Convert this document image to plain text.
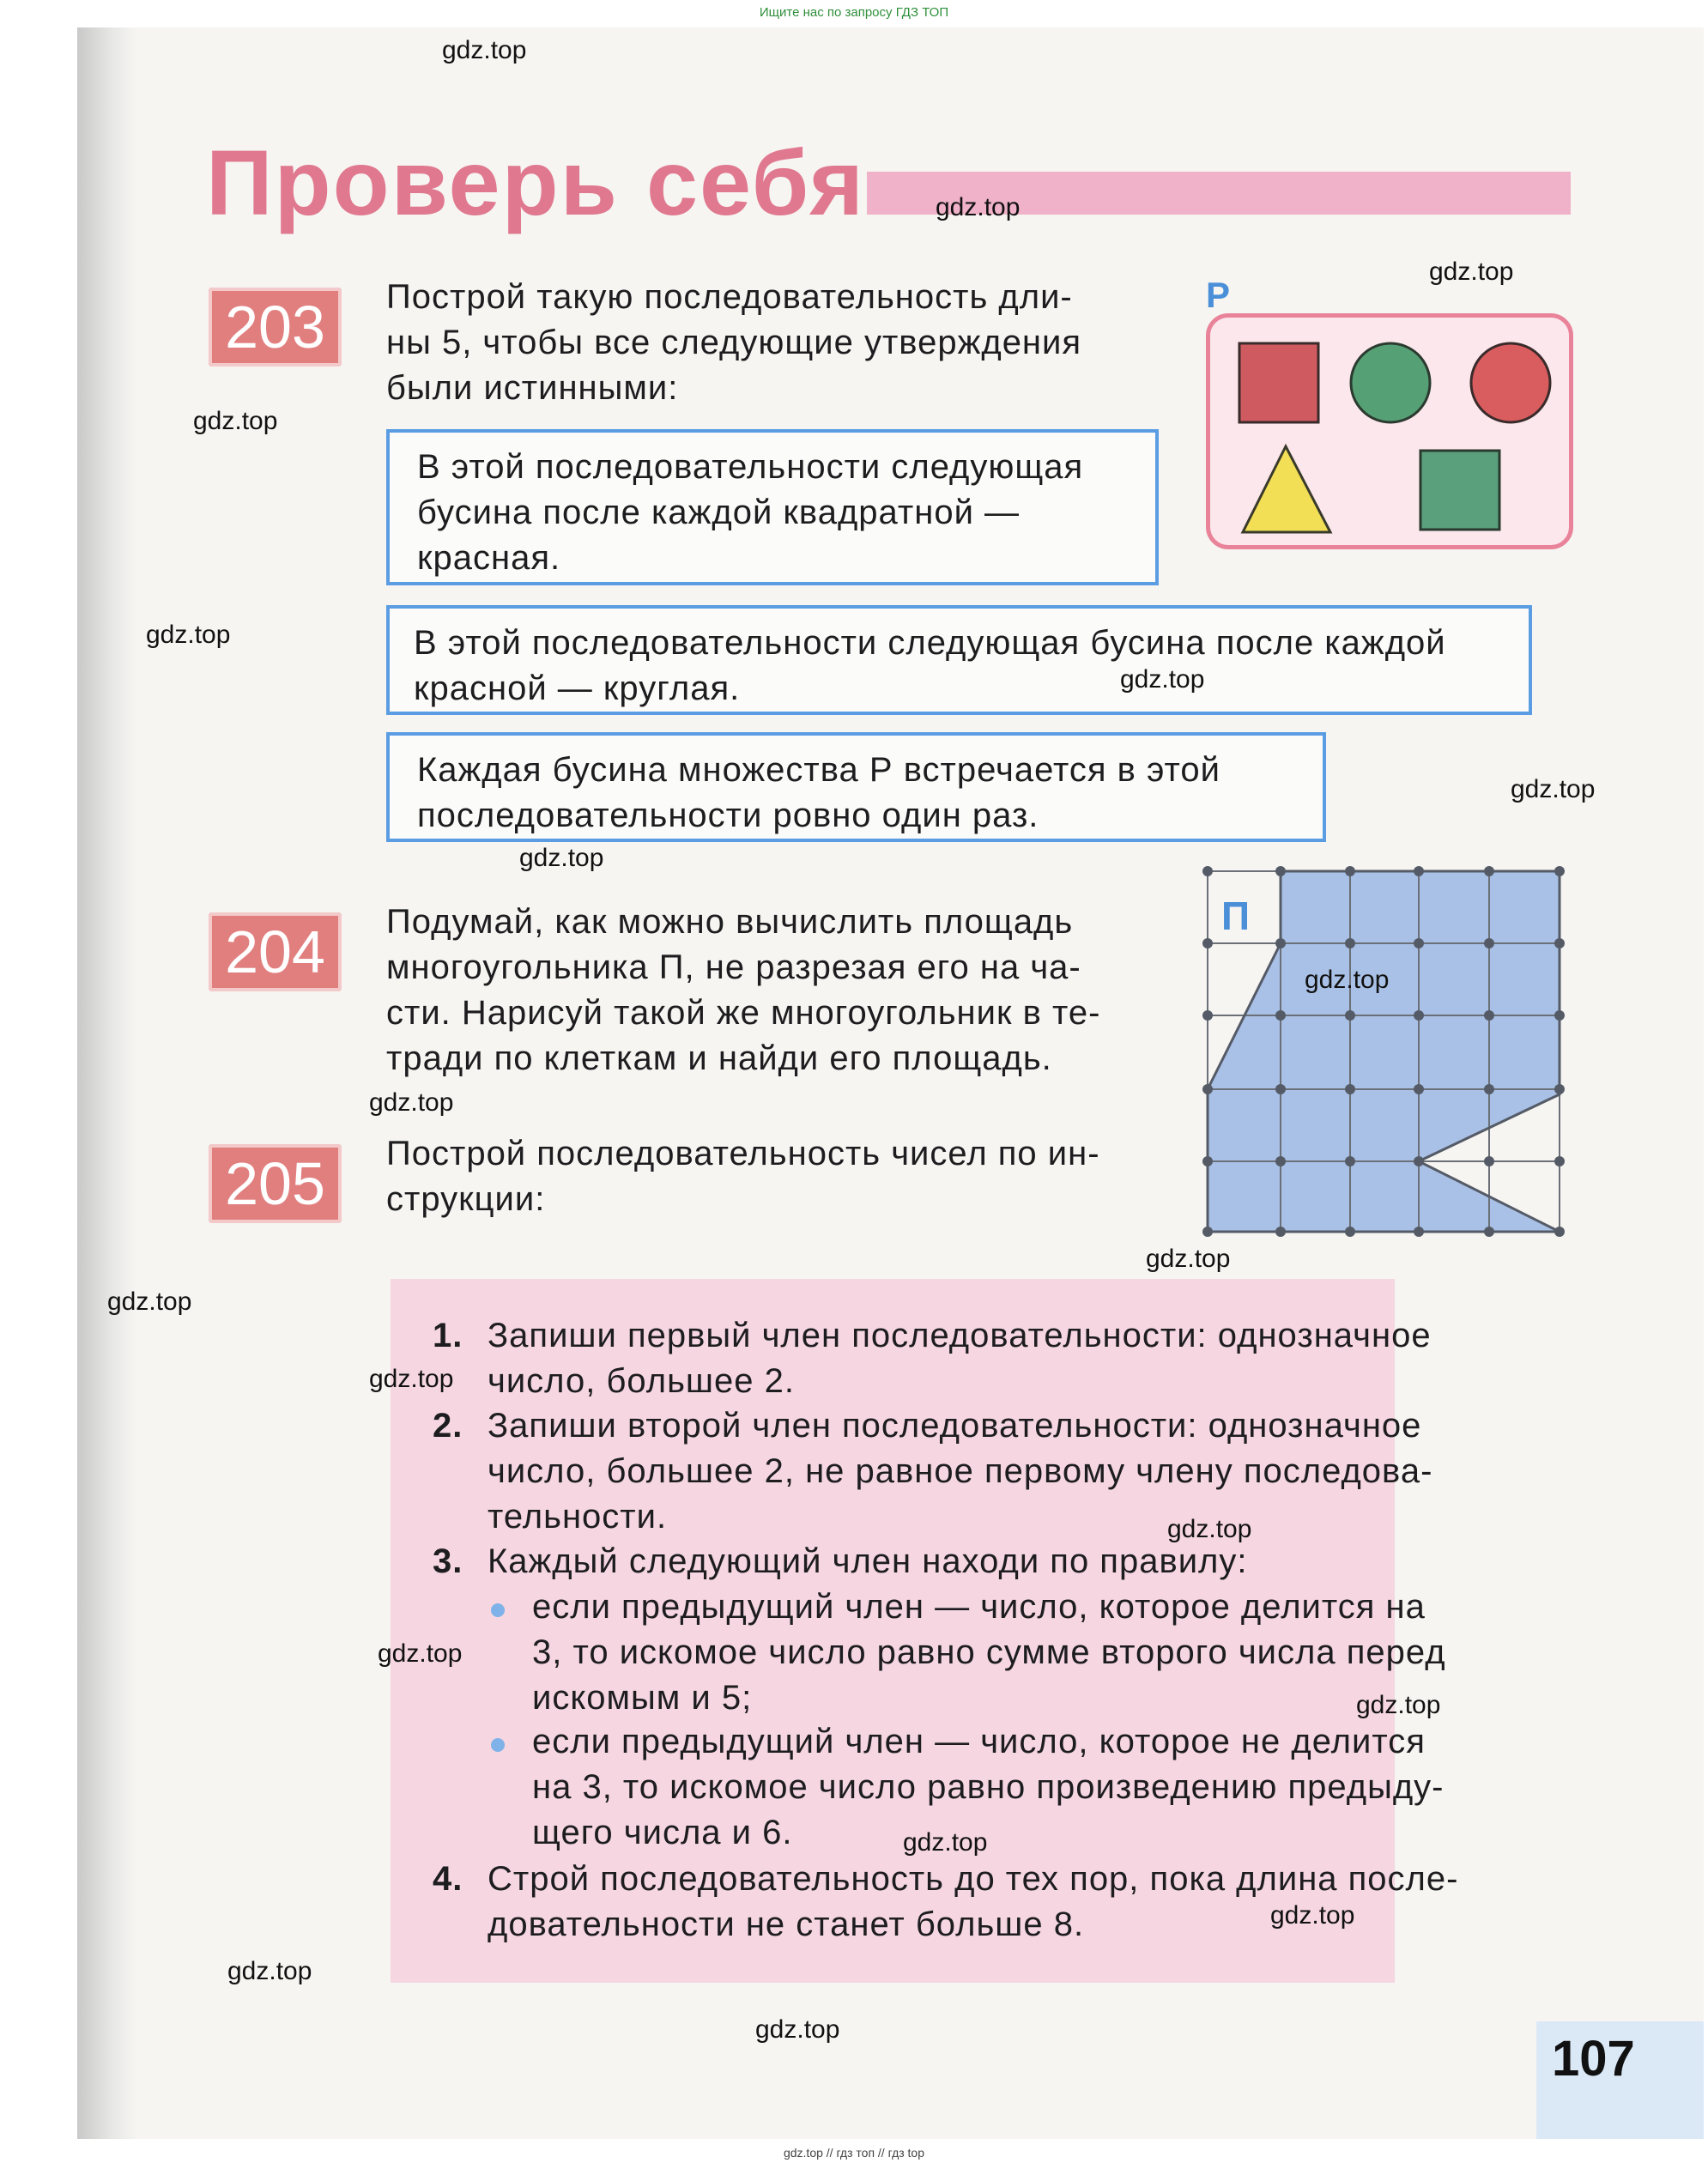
Ищите нас по запросу ГДЗ ТОП
gdz.top // гдз топ // гдз top
Проверь себя
203	Построй такую последовательность дли-
ны 5, чтобы все следующие утверждения
были истинными:
В этой последовательности следующая
бусина после каждой квадратной —
красная.
В этой последовательности следующая бусина после каждой
красной — круглая.
Каждая бусина множества Р встречается в этой
последовательности ровно один раз.
Р
204	Подумай, как можно вычислить площадь
многоугольника П, не разрезая его на ча-
сти. Нарисуй такой же многоугольник в те-
тради по клеткам и найди его площадь.
П
205	Построй последовательность чисел по ин-
струкции:
1. Запиши первый член последовательности: однозначное
число, большее 2.
2. Запиши второй член последовательности: однозначное
число, большее 2, не равное первому члену последова-
тельности.
3. Каждый следующий член находи по правилу:
если предыдущий член — число, которое делится на
3, то искомое число равно сумме второго числа перед
искомым и 5;
если предыдущий член — число, которое не делится
на 3, то искомое число равно произведению предыду-
щего числа и 6.
4. Строй последовательность до тех пор, пока длина после-
довательности не станет больше 8.
107
gdz.top
gdz.top
gdz.top
gdz.top
gdz.top
gdz.top
gdz.top
gdz.top
gdz.top
gdz.top
gdz.top
gdz.top
gdz.top
gdz.top
gdz.top
gdz.top
gdz.top
gdz.top
gdz.top
gdz.top
